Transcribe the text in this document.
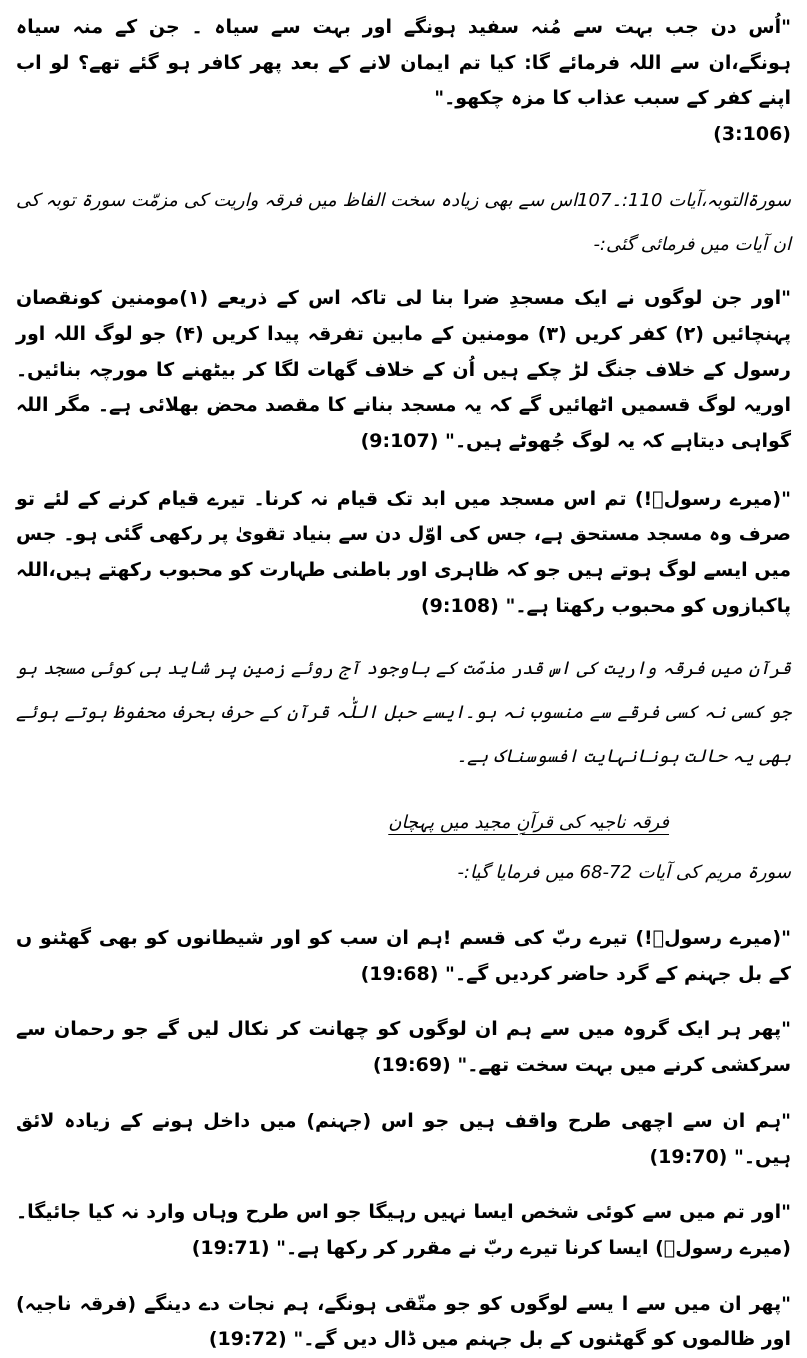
"اُس دن جب بہت سے مُنہ سفید ہونگے اور بہت سے سیاہ ۔ جن کے منہ سیاہ ہونگے،ان سے اللہ فرمائے گا: کیا تم ایمان لانے کے بعد پھر کافر ہو گئے تھے؟ لو اب اپنے کفر کے سبب عذاب کا مزہ چکھو۔"
(3:106)
سورۃالتوبہ،آیات 107۔:110اس سے بھی زیادہ سخت الفاظ میں فرقہ واریت کی مزمّت سورۃ توبہ کی ان آیات میں فرمائی گئی:-
"اور جن لوگوں نے ایک مسجدِ ضرا بنا لی تاکہ اس کے ذریعے (۱)مومنین کونقصان پہنچائیں (۲) کفر کریں (۳) مومنین کے مابین تفرقہ پیدا کریں (۴) جو لوگ اللہ اور رسول کے خلاف جنگ لڑ چکے ہیں اُن کے خلاف گھات لگا کر بیٹھنے کا مورچہ بنائیں۔ اوریہ لوگ قسمیں اٹھائیں گے کہ یہ مسجد بنانے کا مقصد محض بھلائی ہے۔ مگر اللہ گواہی دیتاہے کہ یہ لوگ جُھوٹے ہیں۔" (9:107)
"(میرے رسولؐ!) تم اس مسجد میں ابد تک قیام نہ کرنا۔ تیرے قیام کرنے کے لئے تو صرف وہ مسجد مستحق ہے، جس کی اوّل دن سے بنیاد تقویٰ پر رکھی گئی ہو۔ جس میں ایسے لوگ ہوتے ہیں جو کہ ظاہری اور باطنی طہارت کو محبوب رکھتے ہیں،اللہ پاکبازوں کو محبوب رکھتا ہے۔" (9:108)
قرآن میں فرقہ واریت کی اس قدر مذمّت کے باوجود آج روئے زمین پر شاید ہی کوئی مسجد ہو جو کسی نہ کسی فرقے سے منسوب نہ ہو۔ایسے حبل اللّٰہ قرآن کے حرف بحرف محفوظ ہوتے ہوئے بھی یہ حالت ہونانہایت افسوسناک ہے۔
فرقہ ناجیہ کی قرآنِ مجید میں پہچان
سورۃ مریم کی آیات 68-72 میں فرمایا گیا:-
"(میرے رسولؐ!) تیرے ربّ کی قسم !ہم ان سب کو اور شیطانوں کو بھی گھٹنو ں کے بل جہنم کے گرد حاضر کردیں گے۔" (19:68)
"پھر ہر ایک گروہ میں سے ہم ان لوگوں کو چھانت کر نکال لیں گے جو رحمان سے سرکشی کرنے میں بہت سخت تھے۔" (19:69)
"ہم ان سے اچھی طرح واقف ہیں جو اس (جہنم) میں داخل ہونے کے زیادہ لائق ہیں۔" (19:70)
"اور تم میں سے کوئی شخص ایسا نہیں رہیگا جو اس طرح وہاں وارد نہ کیا جائیگا۔ (میرے رسولؐ) ایسا کرنا تیرے ربّ نے مقرر کر رکھا ہے۔" (19:71)
"پھر ان میں سے ا یسے لوگوں کو جو متّقی ہونگے، ہم نجات دے دینگے (فرقہ ناجیہ) اور ظالموں کو گھٹنوں کے بل جہنم میں ڈال دیں گے۔" (19:72)
